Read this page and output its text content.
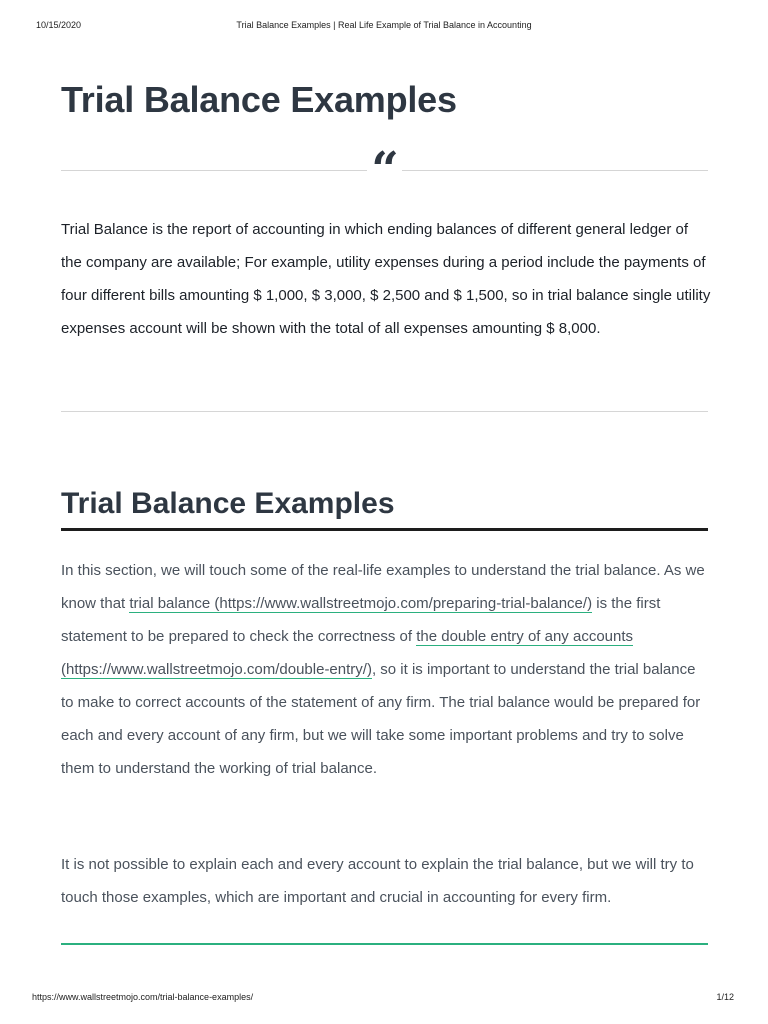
10/15/2020	Trial Balance Examples | Real Life Example of Trial Balance in Accounting
Trial Balance Examples
“

Trial Balance is the report of accounting in which ending balances of different general ledger of the company are available; For example, utility expenses during a period include the payments of four different bills amounting $ 1,000, $ 3,000, $ 2,500 and $ 1,500, so in trial balance single utility expenses account will be shown with the total of all expenses amounting $ 8,000.

Trial Balance Examples

In this section, we will touch some of the real-life examples to understand the trial balance. As we know that trial balance (https://www.wallstreetmojo.com/preparing-trial-balance/) is the first statement to be prepared to check the correctness of the double entry of any accounts (https://www.wallstreetmojo.com/double-entry/), so it is important to understand the trial balance to make to correct accounts of the statement of any firm. The trial balance would be prepared for each and every account of any firm, but we will take some important problems and try to solve them to understand the working of trial balance.

It is not possible to explain each and every account to explain the trial balance, but we will try to touch those examples, which are important and crucial in accounting for every firm.

https://www.wallstreetmojo.com/trial-balance-examples/	1/12
